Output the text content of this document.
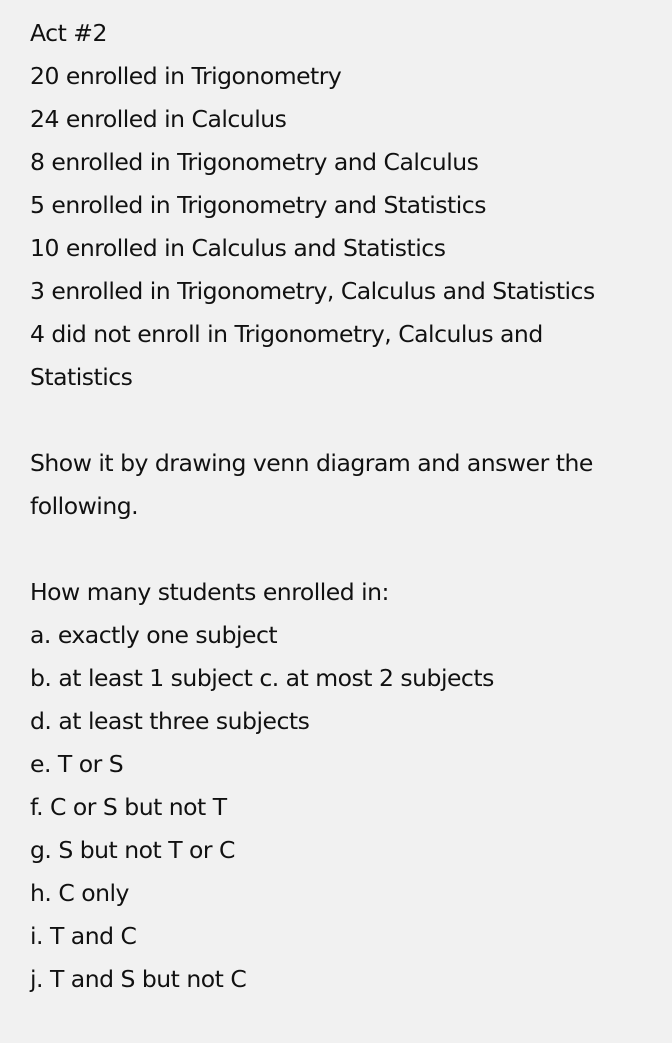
Act #2
20 enrolled in Trigonometry
24 enrolled in Calculus
8 enrolled in Trigonometry and Calculus
5 enrolled in Trigonometry and Statistics
10 enrolled in Calculus and Statistics
3 enrolled in Trigonometry, Calculus and Statistics
4 did not enroll in Trigonometry, Calculus and
Statistics
Show it by drawing venn diagram and answer the
following.
How many students enrolled in:
a. exactly one subject
b. at least 1 subject c. at most 2 subjects
d. at least three subjects
e. T or S
f. C or S but not T
g. S but not T or C
h. C only
i. T and C
j. T and S but not C
